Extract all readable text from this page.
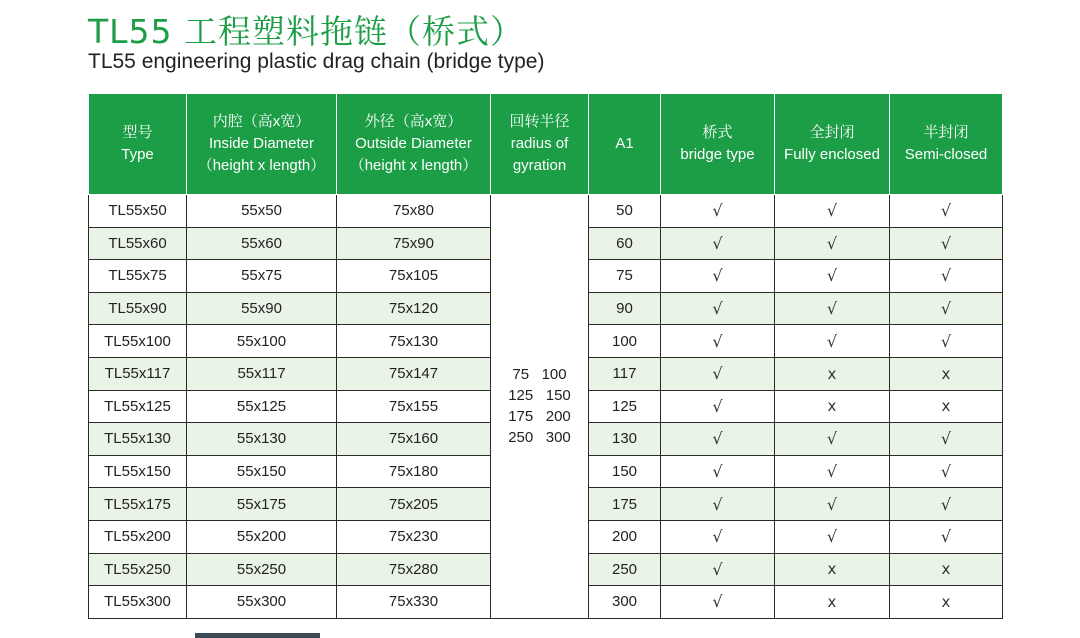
TL55 工程塑料拖链（桥式）
TL55 engineering plastic drag chain (bridge type)
型号
Type	内腔（高x宽）
Inside Diameter
（height x length）	外径（高x宽）
Outside Diameter
（height x length）	回转半径
radius of
gyration	A1	桥式
bridge type	全封闭
Fully enclosed	半封闭
Semi-closed

TL55x50	55x50	75x80	75   100
125   150
175   200
250   300	50	√	√	√
TL55x60	55x60	75x90		60	√	√	√
TL55x75	55x75	75x105		75	√	√	√
TL55x90	55x90	75x120		90	√	√	√
TL55x100	55x100	75x130		100	√	√	√
TL55x117	55x117	75x147		117	√	x	x
TL55x125	55x125	75x155		125	√	x	x
TL55x130	55x130	75x160		130	√	√	√
TL55x150	55x150	75x180		150	√	√	√
TL55x175	55x175	75x205		175	√	√	√
TL55x200	55x200	75x230		200	√	√	√
TL55x250	55x250	75x280		250	√	x	x
TL55x300	55x300	75x330		300	√	x	x
